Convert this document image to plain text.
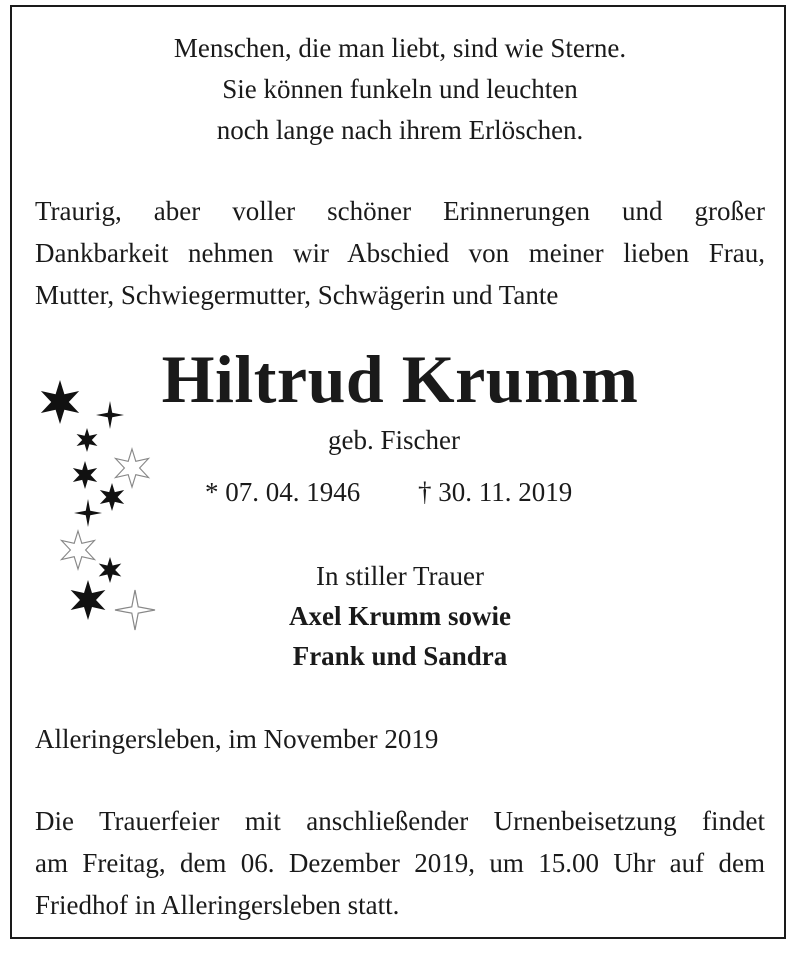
Menschen, die man liebt, sind wie Sterne.
Sie können funkeln und leuchten
noch lange nach ihrem Erlöschen.
Traurig, aber voller schöner Erinnerungen und großer
Dankbarkeit nehmen wir Abschied von meiner lieben Frau,
Mutter, Schwiegermutter, Schwägerin und Tante
Hiltrud Krumm
geb. Fischer
* 07. 04. 1946 † 30. 11. 2019
In stiller Trauer
Axel Krumm sowie
Frank und Sandra
Alleringersleben, im November 2019
Die Trauerfeier mit anschließender Urnenbeisetzung findet
am Freitag, dem 06. Dezember 2019, um 15.00 Uhr auf dem
Friedhof in Alleringersleben statt.
